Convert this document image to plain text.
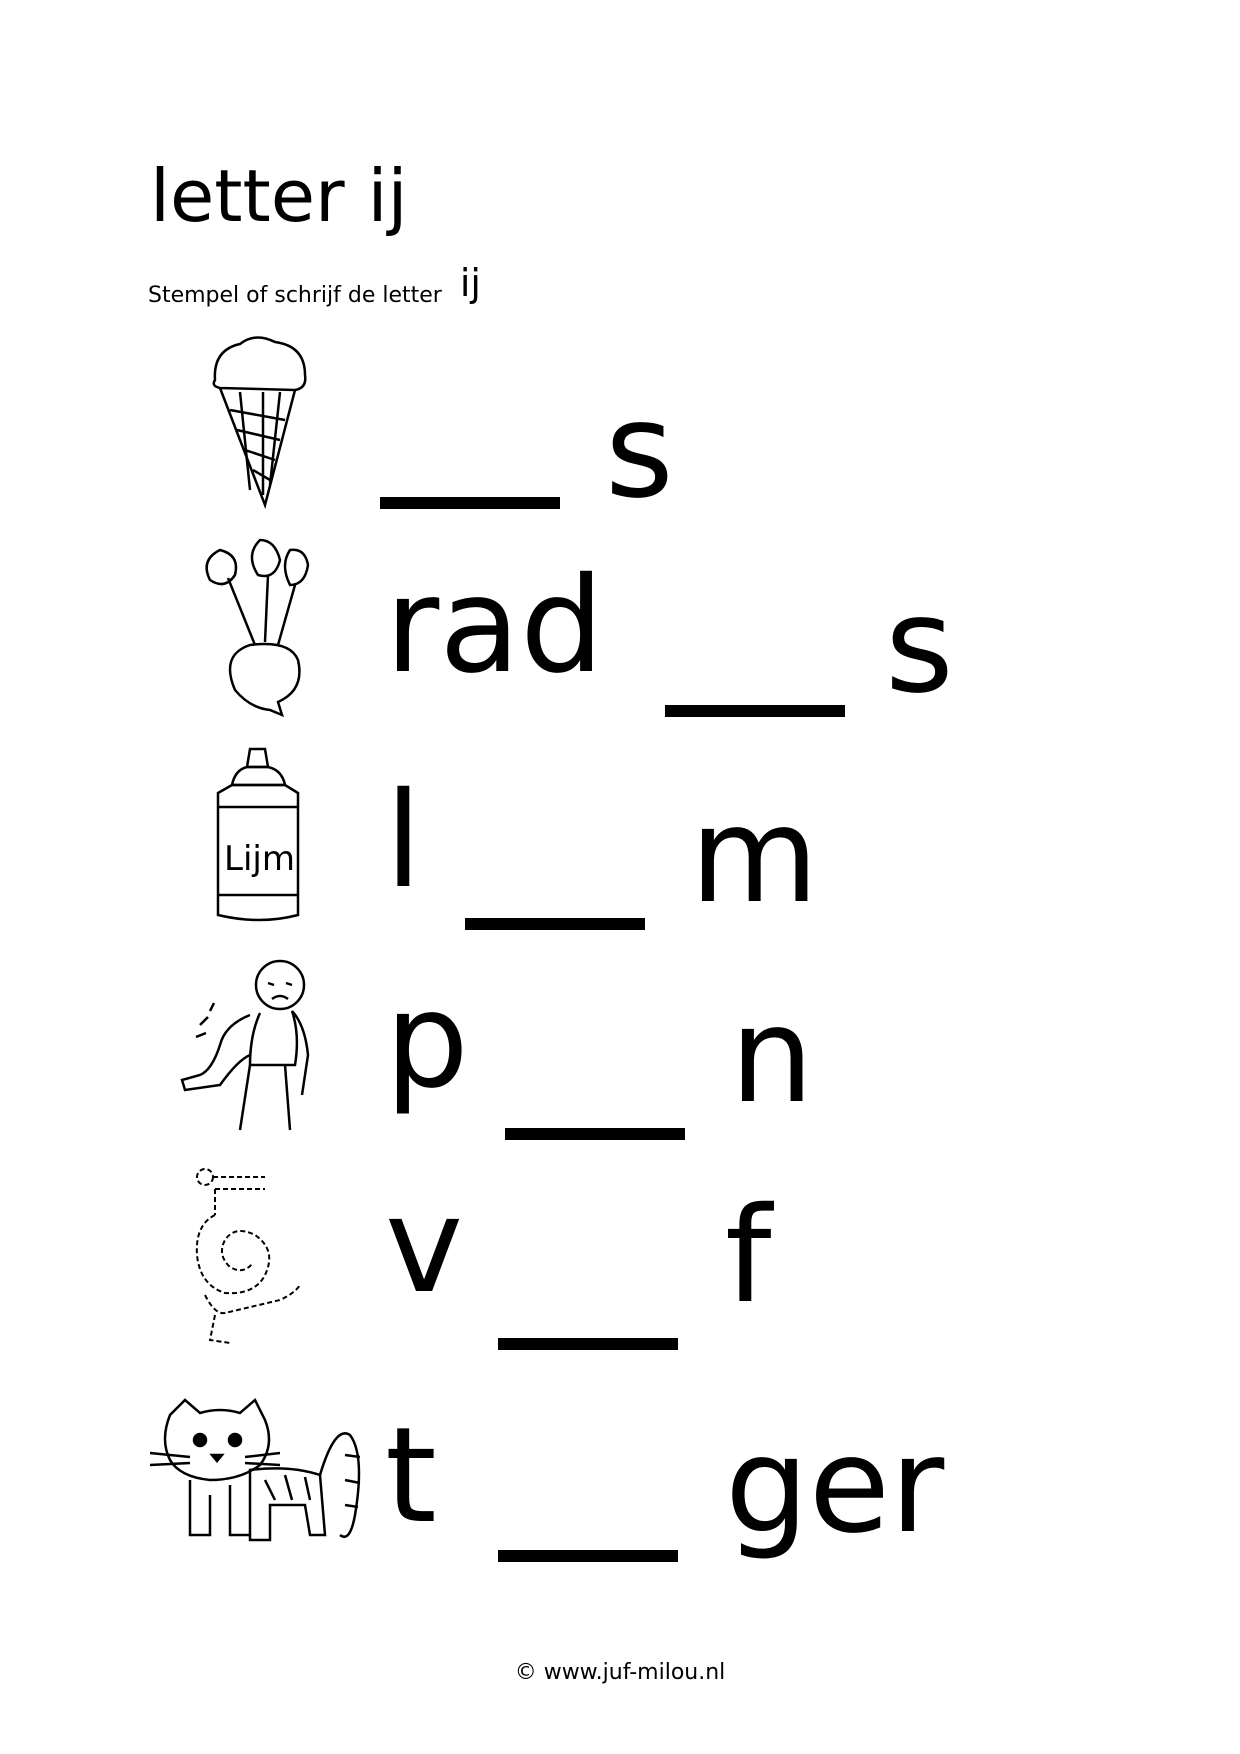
letter ij
Stempel of schrijf de letter ij
s
rad s
Lijm l m
p n
v f
t ger
© www.juf-milou.nl
